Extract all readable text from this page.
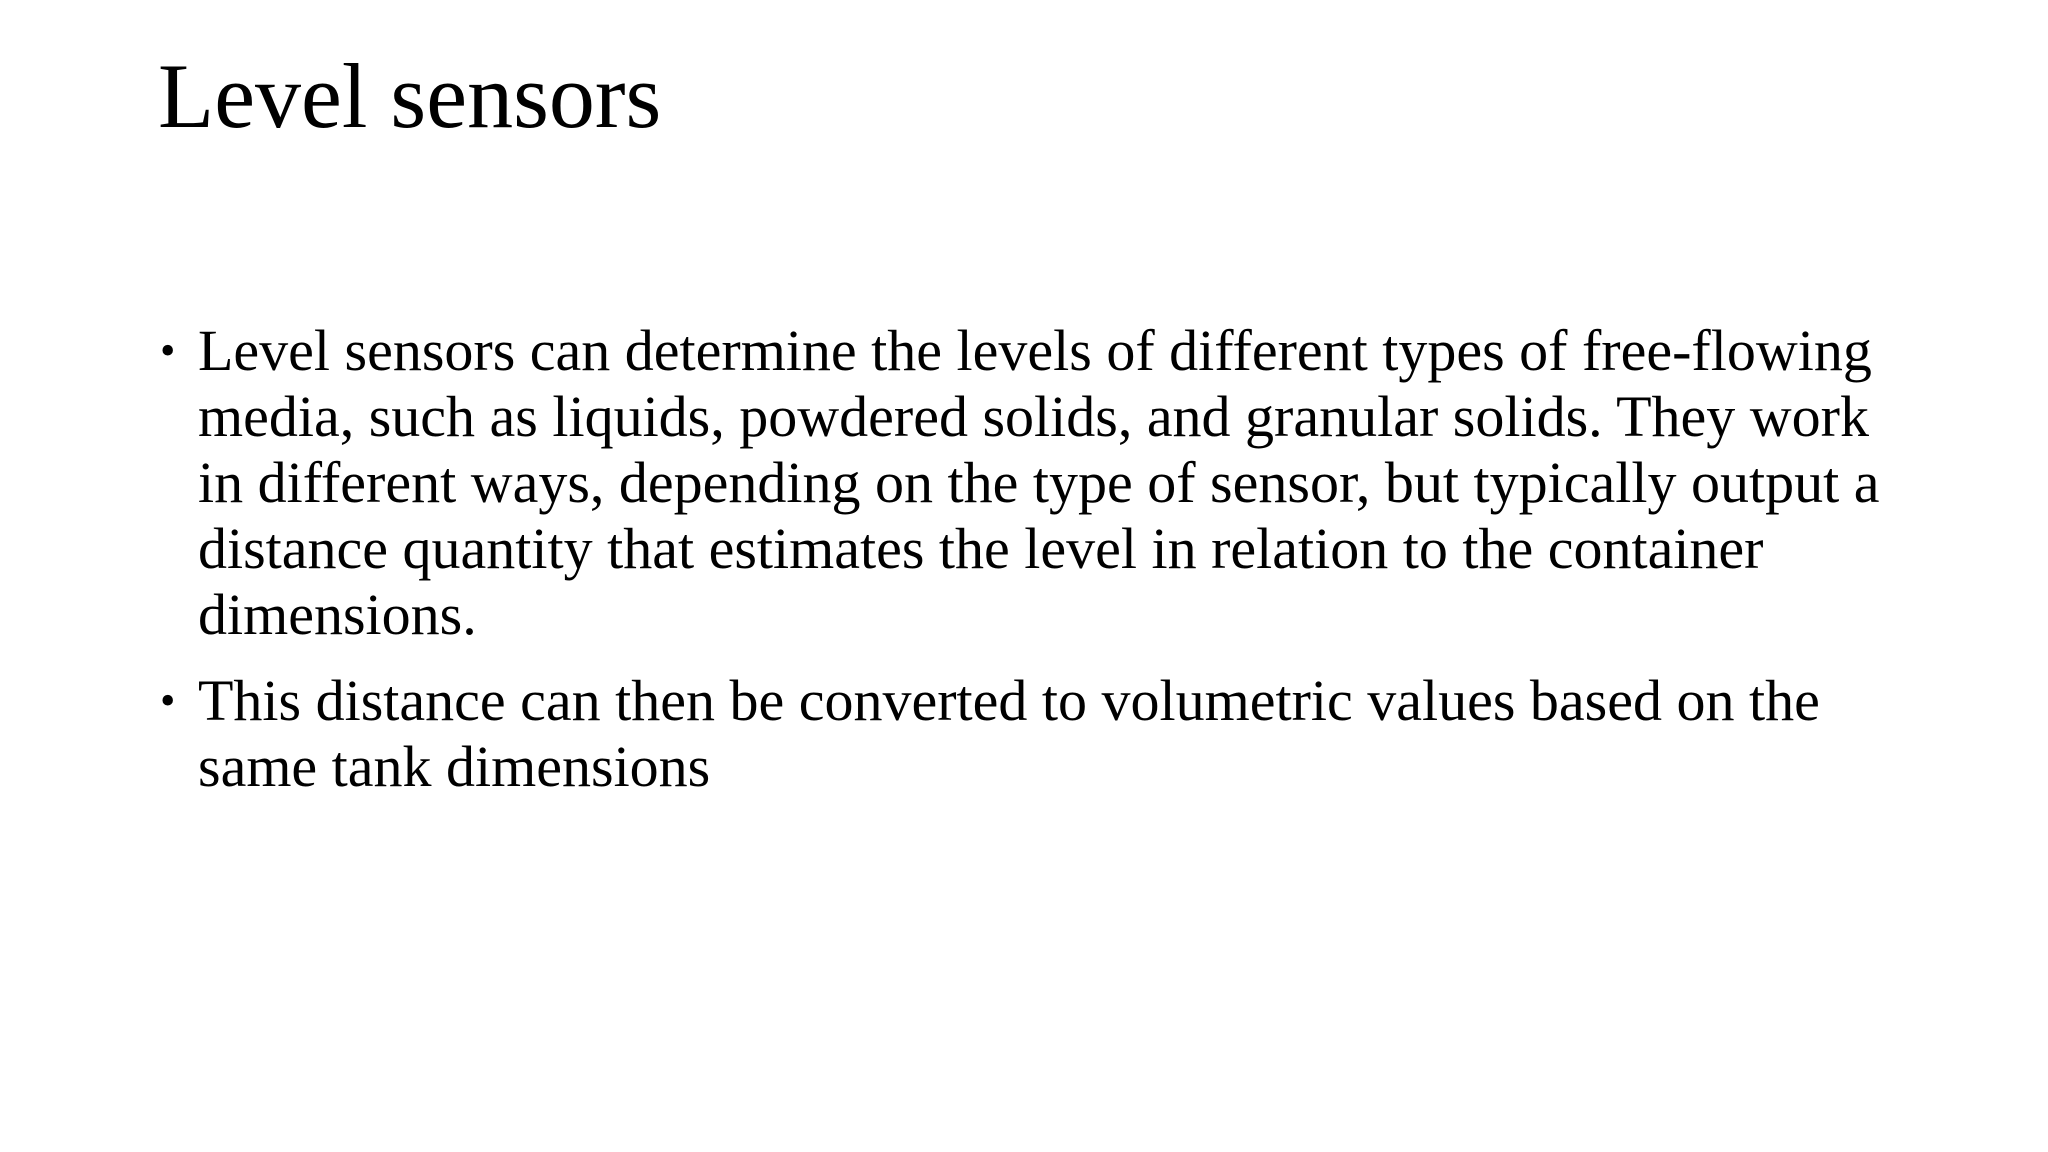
Level sensors
• Level sensors can determine the levels of different types of free-flowing media, such as liquids, powdered solids, and granular solids. They work in different ways, depending on the type of sensor, but typically output a distance quantity that estimates the level in relation to the container dimensions.
• This distance can then be converted to volumetric values based on the same tank dimensions
